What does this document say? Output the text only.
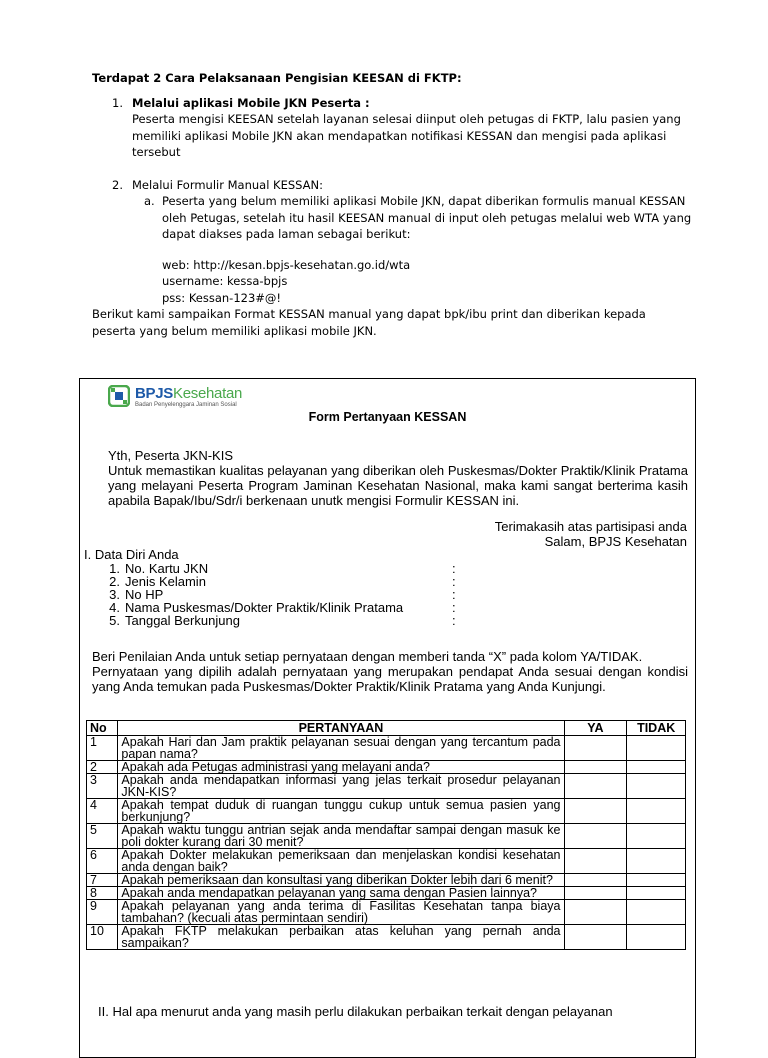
Terdapat 2 Cara Pelaksanaan Pengisian KEESAN di FKTP:

1. Melalui aplikasi Mobile JKN Peserta :

Peserta mengisi KEESAN setelah layanan selesai diinput oleh petugas di FKTP, lalu pasien yang memiliki aplikasi Mobile JKN akan mendapatkan notifikasi KESSAN dan mengisi pada aplikasi tersebut

2. Melalui Formulir Manual KESSAN:

a. Peserta yang belum memiliki aplikasi Mobile JKN, dapat diberikan formulis manual KESSAN oleh Petugas, setelah itu hasil KEESAN manual di input oleh petugas melalui web WTA yang dapat diakses pada laman sebagai berikut:

web: http://kesan.bpjs-kesehatan.go.id/wta

username: kessa-bpjs

pss: Kessan-123#@!

Berikut kami sampaikan Format KESSAN manual yang dapat bpk/ibu print dan diberikan kepada peserta yang belum memiliki aplikasi mobile JKN.

BPJSKesehatan
Badan Penyelenggara Jaminan Sosial
Form Pertanyaan KESSAN

Yth, Peserta JKN-KIS

Untuk memastikan kualitas pelayanan yang diberikan oleh Puskesmas/Dokter Praktik/Klinik Pratama yang melayani Peserta Program Jaminan Kesehatan Nasional, maka kami sangat berterima kasih apabila Bapak/Ibu/Sdr/i berkenaan unutk mengisi Formulir KESSAN ini.

Terimakasih atas partisipasi anda
Salam, BPJS Kesehatan
I. Data Diri Anda
1. No. Kartu JKN	:
2. Jenis Kelamin	:
3. No HP	:
4. Nama Puskesmas/Dokter Praktik/Klinik Pratama	:
5. Tanggal Berkunjung	:

Beri Penilaian Anda untuk setiap pernyataan dengan memberi tanda “X” pada kolom YA/TIDAK.

Pernyataan yang dipilih adalah pernyataan yang merupakan pendapat Anda sesuai dengan kondisi yang Anda temukan pada Puskesmas/Dokter Praktik/Klinik Pratama yang Anda Kunjungi.

No	PERTANYAAN	YA	TIDAK
1	Apakah Hari dan Jam praktik pelayanan sesuai dengan yang tercantum pada papan nama?		
2	Apakah ada Petugas administrasi yang melayani anda?		
3	Apakah anda mendapatkan informasi yang jelas terkait prosedur pelayanan JKN-KIS?		
4	Apakah tempat duduk di ruangan tunggu cukup untuk semua pasien yang berkunjung?		
5	Apakah waktu tunggu antrian sejak anda mendaftar sampai dengan masuk ke poli dokter kurang dari 30 menit?		
6	Apakah Dokter melakukan pemeriksaan dan menjelaskan kondisi kesehatan anda dengan baik?		
7	Apakah pemeriksaan dan konsultasi yang diberikan Dokter lebih dari 6 menit?		
8	Apakah anda mendapatkan pelayanan yang sama dengan Pasien lainnya?		
9	Apakah pelayanan yang anda terima di Fasilitas Kesehatan tanpa biaya tambahan? (kecuali atas permintaan sendiri)		
10	Apakah FKTP melakukan perbaikan atas keluhan yang pernah anda sampaikan?		
II. Hal apa menurut anda yang masih perlu dilakukan perbaikan terkait dengan pelayanan
